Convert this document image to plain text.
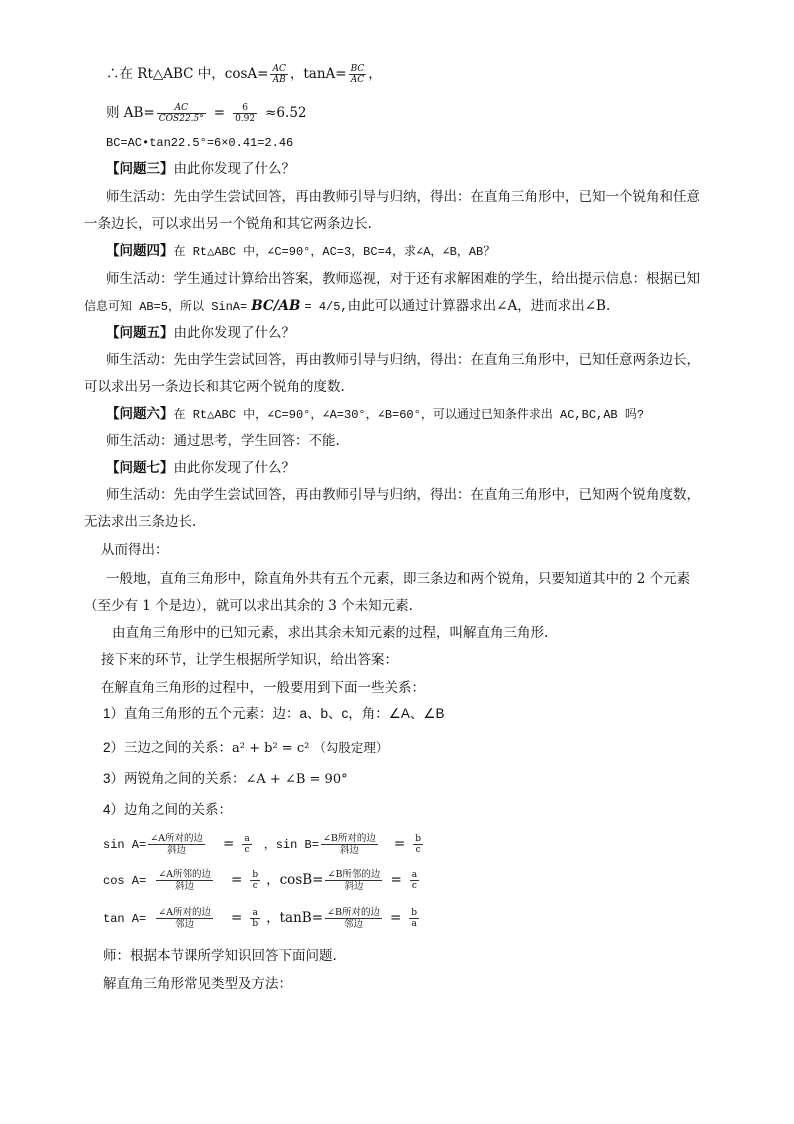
∴在 Rt△ABC 中，$\cos A= \frac{AC}{AB}$ ，$\tan A= \frac{BC}{AC}$ ，
则 $AB= \frac{AC}{\text{COS22.5°}} = \frac{6}{0.92} \approx 6.52$
BC=AC•tan22.5°=6×0.41=2.46
【问题三】由此你发现了什么？
师生活动：先由学生尝试回答，再由教师引导与归纳，得出：在直角三角形中，已知一个锐角和任意
一条边长，可以求出另一个锐角和其它两条边长.
【问题四】在 Rt△ABC 中，∠C=90°，AC=3，BC=4，求∠A，∠B，AB？
师生活动：学生通过计算给出答案，教师巡视，对于还有求解困难的学生，给出提示信息：根据已知
信息可知 AB=5，所以 SinA= BC/AB = 4/5,由此可以通过计算器求出∠A，进而求出∠B.
【问题五】由此你发现了什么？
师生活动：先由学生尝试回答，再由教师引导与归纳，得出：在直角三角形中，已知任意两条边长，
可以求出另一条边长和其它两个锐角的度数.
【问题六】在 Rt△ABC 中，∠C=90°，∠A=30°，∠B=60°，可以通过已知条件求出 AC,BC,AB 吗?
师生活动：通过思考，学生回答：不能.
【问题七】由此你发现了什么？
师生活动：先由学生尝试回答，再由教师引导与归纳，得出：在直角三角形中，已知两个锐角度数，
无法求出三条边长.
从而得出：
一般地，直角三角形中，除直角外共有五个元素，即三条边和两个锐角，只要知道其中的 2 个元素
（至少有 1 个是边），就可以求出其余的 3 个未知元素.
由直角三角形中的已知元素，求出其余未知元素的过程，叫解直角三角形.
接下来的环节，让学生根据所学知识，给出答案：
在解直角三角形的过程中，一般要用到下面一些关系：
1）直角三角形的五个元素：边：a、b、c，角：∠A、∠B
2）三边之间的关系：a² + b² = c² （勾股定理）
3）两锐角之间的关系：∠A + ∠B = 90°
4）边角之间的关系：
$\sin A= \frac{\text{∠A所对的边}}{\text{斜边}} = \frac{a}{c}$ ，$\sin B= \frac{\text{∠B所对的边}}{\text{斜边}} = \frac{b}{c}$
$\cos A= \frac{\text{∠A所邻的边}}{\text{斜边}} = \frac{b}{c}$ ，$\cos B= \frac{\text{∠B所邻的边}}{\text{斜边}} = \frac{a}{c}$
$\tan A= \frac{\text{∠A所对的边}}{\text{邻边}} = \frac{a}{b}$ ，$\tan B= \frac{\text{∠B所对的边}}{\text{邻边}} = \frac{b}{a}$
师：根据本节课所学知识回答下面问题.
解直角三角形常见类型及方法：
